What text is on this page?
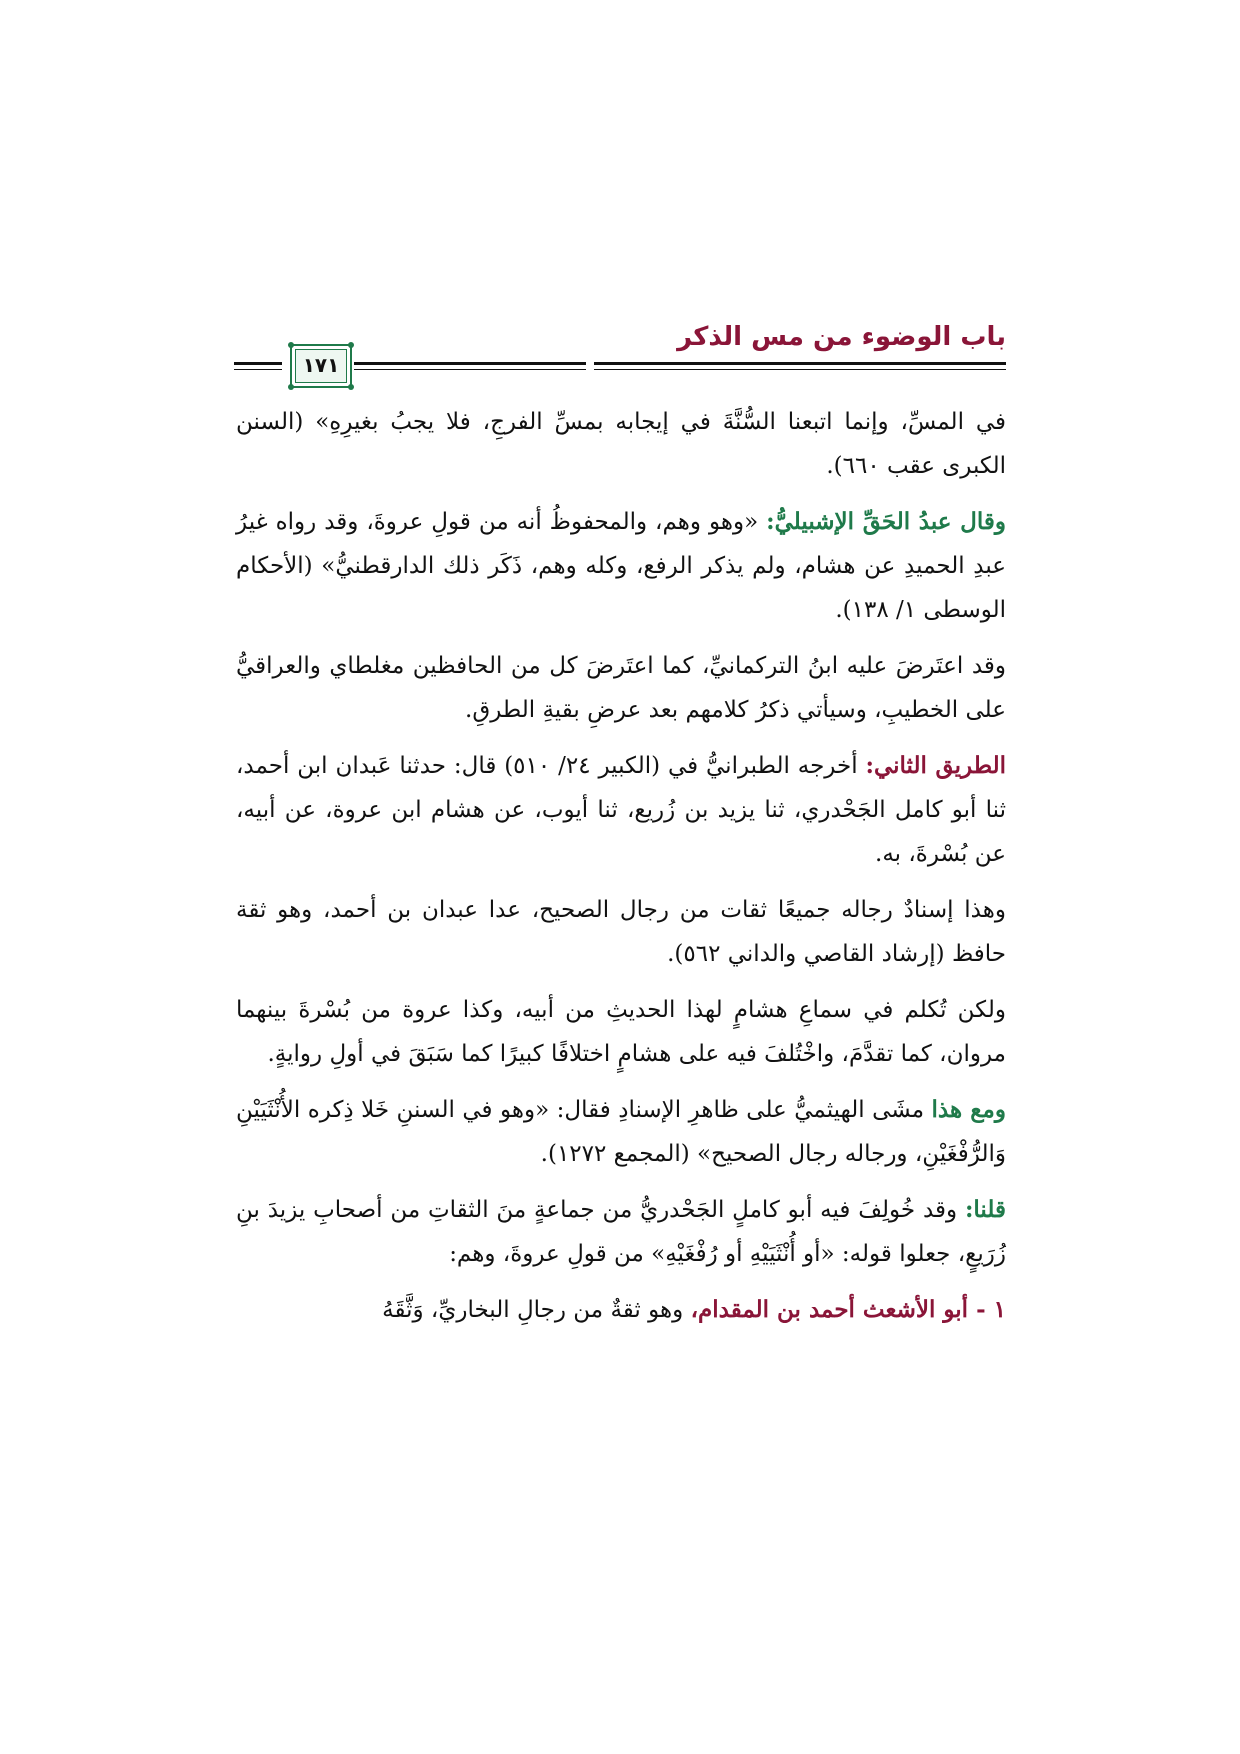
باب الوضوء من مس الذكر
١٧١

في المسِّ، وإنما اتبعنا السُّنَّةَ في إيجابه بمسِّ الفرجِ، فلا يجبُ بغيرِهِ» (السنن الكبرى عقب ٦٦٠).

وقال عبدُ الحَقِّ الإشبيليُّ: «وهو وهم، والمحفوظُ أنه من قولِ عروةَ، وقد رواه غيرُ عبدِ الحميدِ عن هشام، ولم يذكر الرفع، وكله وهم، ذَكَر ذلك الدارقطنيُّ» (الأحكام الوسطى ١/ ١٣٨).

وقد اعتَرضَ عليه ابنُ التركمانيِّ، كما اعتَرضَ كل من الحافظين مغلطاي والعراقيُّ على الخطيبِ، وسيأتي ذكرُ كلامهم بعد عرضِ بقيةِ الطرقِ.

الطريق الثاني: أخرجه الطبرانيُّ في (الكبير ٢٤/ ٥١٠) قال: حدثنا عَبدان ابن أحمد، ثنا أبو كامل الجَحْدري، ثنا يزيد بن زُريع، ثنا أيوب، عن هشام ابن عروة، عن أبيه، عن بُسْرةَ، به.

وهذا إسنادٌ رجاله جميعًا ثقات من رجال الصحيح، عدا عبدان بن أحمد، وهو ثقة حافظ (إرشاد القاصي والداني ٥٦٢).

ولكن تُكلم في سماعِ هشامٍ لهذا الحديثِ من أبيه، وكذا عروة من بُسْرةَ بينهما مروان، كما تقدَّمَ، واخْتُلفَ فيه على هشامٍ اختلافًا كبيرًا كما سَبَقَ في أولِ روايةٍ.

ومع هذا مشَى الهيثميُّ على ظاهرِ الإسنادِ فقال: «وهو في السننِ خَلا ذِكره الأُنْثَيَيْنِ وَالرُّفْغَيْنِ، ورجاله رجال الصحيح» (المجمع ١٢٧٢).

قلنا: وقد خُولِفَ فيه أبو كاملٍ الجَحْدريُّ من جماعةٍ منَ الثقاتِ من أصحابِ يزيدَ بنِ زُرَيعٍ، جعلوا قوله: «أو أُنْثَيَيْهِ أو رُفْغَيْهِ» من قولِ عروةَ، وهم:

١ - أبو الأشعث أحمد بن المقدام، وهو ثقةٌ من رجالِ البخاريِّ، وَثَّقَهُ
